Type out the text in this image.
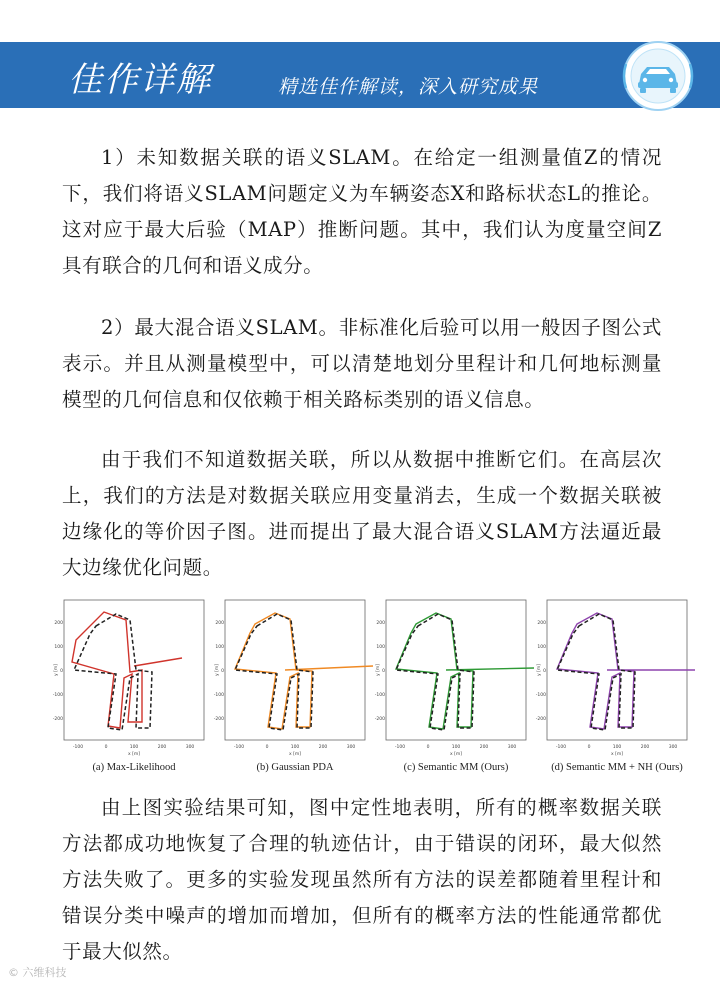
佳作详解	精选佳作解读，深入研究成果

1）未知数据关联的语义SLAM。在给定一组测量值Z的情况下，我们将语义SLAM问题定义为车辆姿态X和路标状态L的推论。这对应于最大后验（MAP）推断问题。其中，我们认为度量空间Z具有联合的几何和语义成分。

2）最大混合语义SLAM。非标准化后验可以用一般因子图公式表示。并且从测量模型中，可以清楚地划分里程计和几何地标测量模型的几何信息和仅依赖于相关路标类别的语义信息。

由于我们不知道数据关联，所以从数据中推断它们。在高层次上，我们的方法是对数据关联应用变量消去，生成一个数据关联被边缘化的等价因子图。进而提出了最大混合语义SLAM方法逼近最大边缘优化问题。

由上图实验结果可知，图中定性地表明，所有的概率数据关联方法都成功地恢复了合理的轨迹估计，由于错误的闭环，最大似然方法失败了。更多的实验发现虽然所有方法的误差都随着里程计和错误分类中噪声的增加而增加，但所有的概率方法的性能通常都优于最大似然。

-100	0	100	200	300
200
100
0
-100
-200
x [m]
y [m]
(a) Max-Likelihood
-100	0	100	200	300
200
100
0
-100
-200
x [m]
y [m]
(b) Gaussian PDA
-100	0	100	200	300
200
100
0
-100
-200
x [m]
y [m]
(c) Semantic MM (Ours)
-100	0	100	200	300
200
100
0
-100
-200
x [m]
y [m]
(d) Semantic MM + NH (Ours)
© 六维科技
